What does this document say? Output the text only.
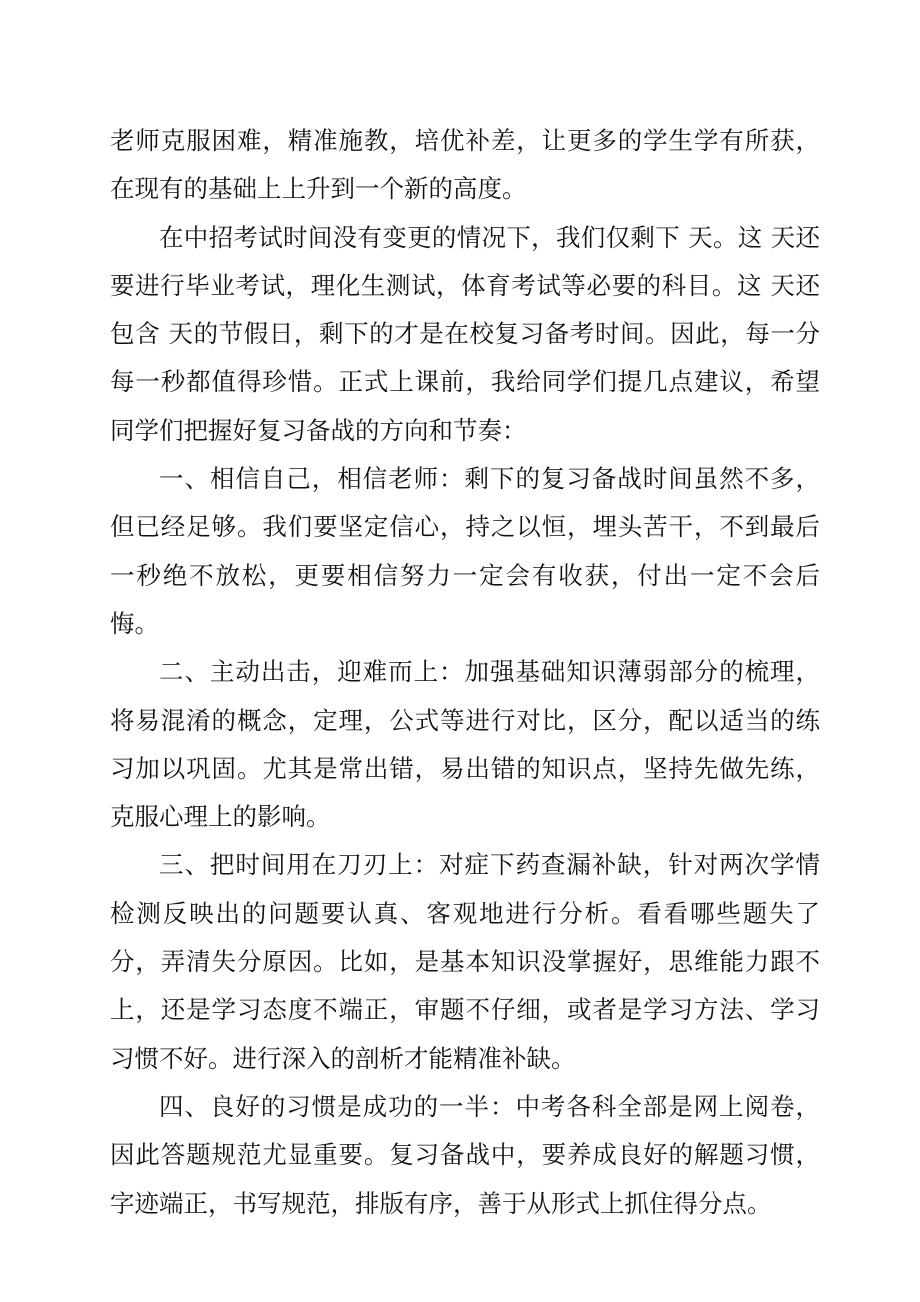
老师克服困难，精准施教，培优补差，让更多的学生学有所获，在现有的基础上上升到一个新的高度。

在中招考试时间没有变更的情况下，我们仅剩下 天。这 天还要进行毕业考试，理化生测试，体育考试等必要的科目。这 天还包含 天的节假日，剩下的才是在校复习备考时间。因此，每一分每一秒都值得珍惜。正式上课前，我给同学们提几点建议，希望同学们把握好复习备战的方向和节奏：

一、相信自己，相信老师：剩下的复习备战时间虽然不多，但已经足够。我们要坚定信心，持之以恒，埋头苦干，不到最后一秒绝不放松，更要相信努力一定会有收获，付出一定不会后悔。

二、主动出击，迎难而上：加强基础知识薄弱部分的梳理，将易混淆的概念，定理，公式等进行对比，区分，配以适当的练习加以巩固。尤其是常出错，易出错的知识点，坚持先做先练，克服心理上的影响。

三、把时间用在刀刃上：对症下药查漏补缺，针对两次学情检测反映出的问题要认真、客观地进行分析。看看哪些题失了分，弄清失分原因。比如，是基本知识没掌握好，思维能力跟不上，还是学习态度不端正，审题不仔细，或者是学习方法、学习习惯不好。进行深入的剖析才能精准补缺。

四、良好的习惯是成功的一半：中考各科全部是网上阅卷，因此答题规范尤显重要。复习备战中，要养成良好的解题习惯，字迹端正，书写规范，排版有序，善于从形式上抓住得分点。
